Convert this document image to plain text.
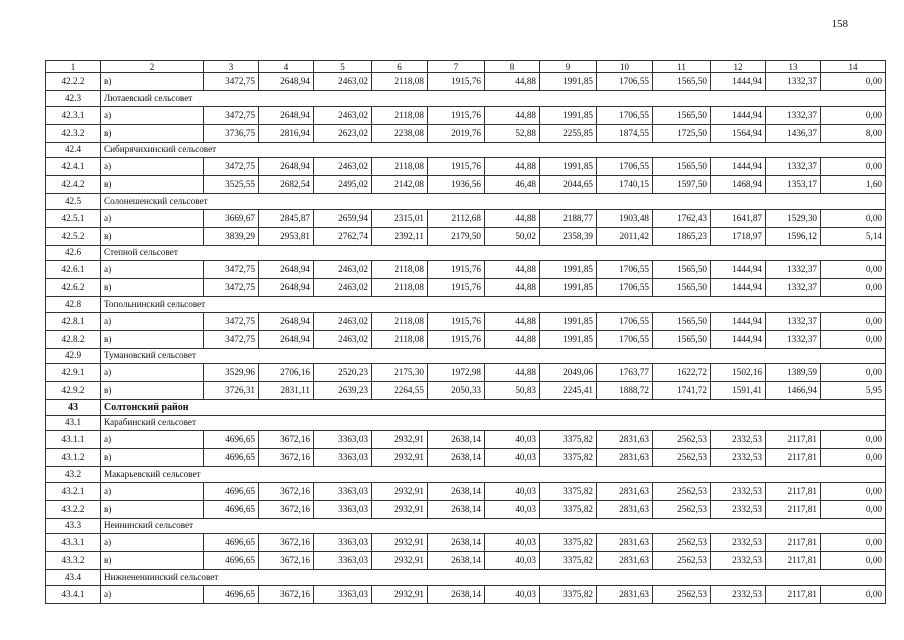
158
1	2	3	4	5	6	7	8	9	10	11	12	13	14
42.2.2	в)	3472,75	2648,94	2463,02	2118,08	1915,76	44,88	1991,85	1706,55	1565,50	1444,94	1332,37	0,00
42.3	Лютаевский сельсовет												
42.3.1	а)	3472,75	2648,94	2463,02	2118,08	1915,76	44,88	1991,85	1706,55	1565,50	1444,94	1332,37	0,00
42.3.2	в)	3736,75	2816,94	2623,02	2238,08	2019,76	52,88	2255,85	1874,55	1725,50	1564,94	1436,37	8,00
42.4	Сибирячихинский сельсовет												
42.4.1	а)	3472,75	2648,94	2463,02	2118,08	1915,76	44,88	1991,85	1706,55	1565,50	1444,94	1332,37	0,00
42.4.2	в)	3525,55	2682,54	2495,02	2142,08	1936,56	46,48	2044,65	1740,15	1597,50	1468,94	1353,17	1,60
42.5	Солонешенский сельсовет												
42.5.1	а)	3669,67	2845,87	2659,94	2315,01	2112,68	44,88	2188,77	1903,48	1762,43	1641,87	1529,30	0,00
42.5.2	в)	3839,29	2953,81	2762,74	2392,11	2179,50	50,02	2358,39	2011,42	1865,23	1718,97	1596,12	5,14
42.6	Степной сельсовет												
42.6.1	а)	3472,75	2648,94	2463,02	2118,08	1915,76	44,88	1991,85	1706,55	1565,50	1444,94	1332,37	0,00
42.6.2	в)	3472,75	2648,94	2463,02	2118,08	1915,76	44,88	1991,85	1706,55	1565,50	1444,94	1332,37	0,00
42.8	Топольнинский сельсовет												
42.8.1	а)	3472,75	2648,94	2463,02	2118,08	1915,76	44,88	1991,85	1706,55	1565,50	1444,94	1332,37	0,00
42.8.2	в)	3472,75	2648,94	2463,02	2118,08	1915,76	44,88	1991,85	1706,55	1565,50	1444,94	1332,37	0,00
42.9	Тумановский сельсовет												
42.9.1	а)	3529,96	2706,16	2520,23	2175,30	1972,98	44,88	2049,06	1763,77	1622,72	1502,16	1389,59	0,00
42.9.2	в)	3726,31	2831,11	2639,23	2264,55	2050,33	50,83	2245,41	1888,72	1741,72	1591,41	1466,94	5,95
43	Солтонский район												
43.1	Карабинский сельсовет												
43.1.1	а)	4696,65	3672,16	3363,03	2932,91	2638,14	40,03	3375,82	2831,63	2562,53	2332,53	2117,81	0,00
43.1.2	в)	4696,65	3672,16	3363,03	2932,91	2638,14	40,03	3375,82	2831,63	2562,53	2332,53	2117,81	0,00
43.2	Макарьевский сельсовет												
43.2.1	а)	4696,65	3672,16	3363,03	2932,91	2638,14	40,03	3375,82	2831,63	2562,53	2332,53	2117,81	0,00
43.2.2	в)	4696,65	3672,16	3363,03	2932,91	2638,14	40,03	3375,82	2831,63	2562,53	2332,53	2117,81	0,00
43.3	Неининский сельсовет												
43.3.1	а)	4696,65	3672,16	3363,03	2932,91	2638,14	40,03	3375,82	2831,63	2562,53	2332,53	2117,81	0,00
43.3.2	в)	4696,65	3672,16	3363,03	2932,91	2638,14	40,03	3375,82	2831,63	2562,53	2332,53	2117,81	0,00
43.4	Нижненениинский сельсовет												
43.4.1	а)	4696,65	3672,16	3363,03	2932,91	2638,14	40,03	3375,82	2831,63	2562,53	2332,53	2117,81	0,00
